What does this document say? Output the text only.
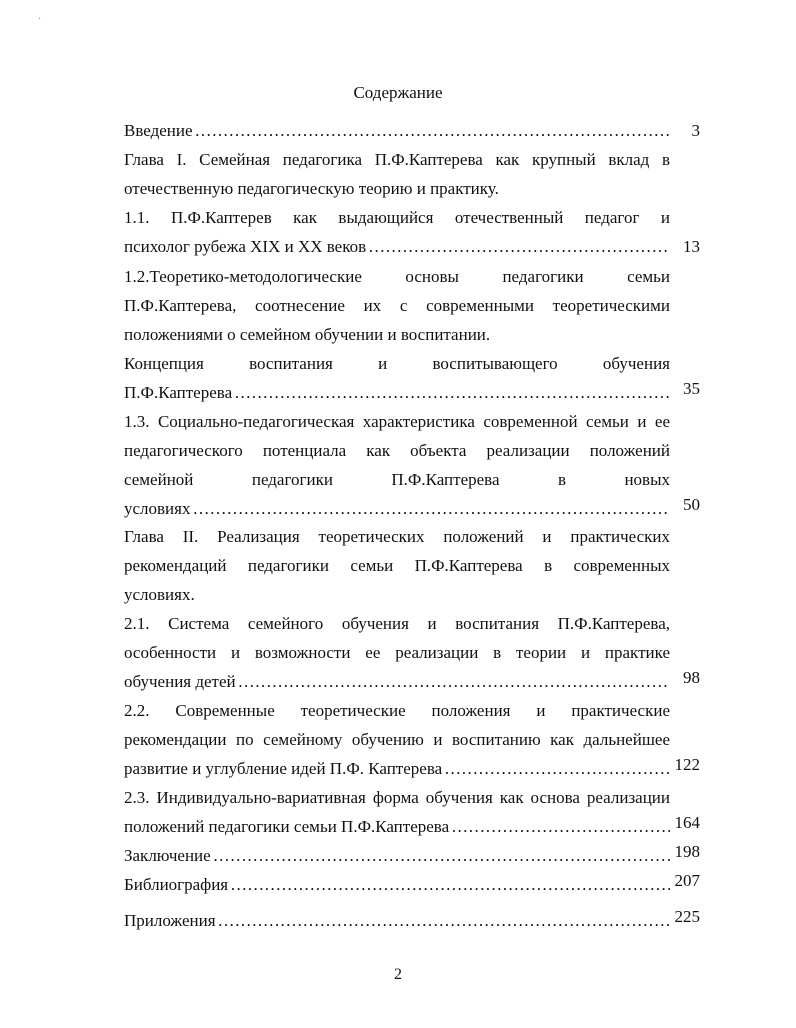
·
Содержание
Введение ……………………………………………………………………………………………………………………………	3
Глава I. Семейная педагогика П.Ф.Каптерева как крупный вклад в
отечественную педагогическую теорию и практику.
1.1. П.Ф.Каптерев как выдающийся отечественный педагог и
психолог рубежа XIX и XX веков ……………………………………………………………………………………………………………………………	13
1.2.Теоретико-методологические основы педагогики семьи
П.Ф.Каптерева, соотнесение их с современными теоретическими
положениями о семейном обучении и воспитании.
Концепция воспитания и воспитывающего обучения
П.Ф.Каптерева ……………………………………………………………………………………………………………………………	35
1.3. Социально-педагогическая характеристика современной семьи и ее
педагогического потенциала как объекта реализации положений
семейной педагогики П.Ф.Каптерева в новых
условиях ……………………………………………………………………………………………………………………………	50
Глава II. Реализация теоретических положений и практических
рекомендаций педагогики семьи П.Ф.Каптерева в современных
условиях.
2.1. Система семейного обучения и воспитания П.Ф.Каптерева,
особенности и возможности ее реализации в теории и практике
обучения детей ……………………………………………………………………………………………………………………………	98
2.2. Современные теоретические положения и практические
рекомендации по семейному обучению и воспитанию как дальнейшее
развитие и углубление идей П.Ф. Каптерева ……………………………………………………………………………………………………………………………	122
2.3. Индивидуально-вариативная форма обучения как основа реализации
положений педагогики семьи П.Ф.Каптерева ……………………………………………………………………………………………………………………………	164
Заключение ……………………………………………………………………………………………………………………………	198
Библиография ……………………………………………………………………………………………………………………………	207
Приложения ……………………………………………………………………………………………………………………………	225
2
